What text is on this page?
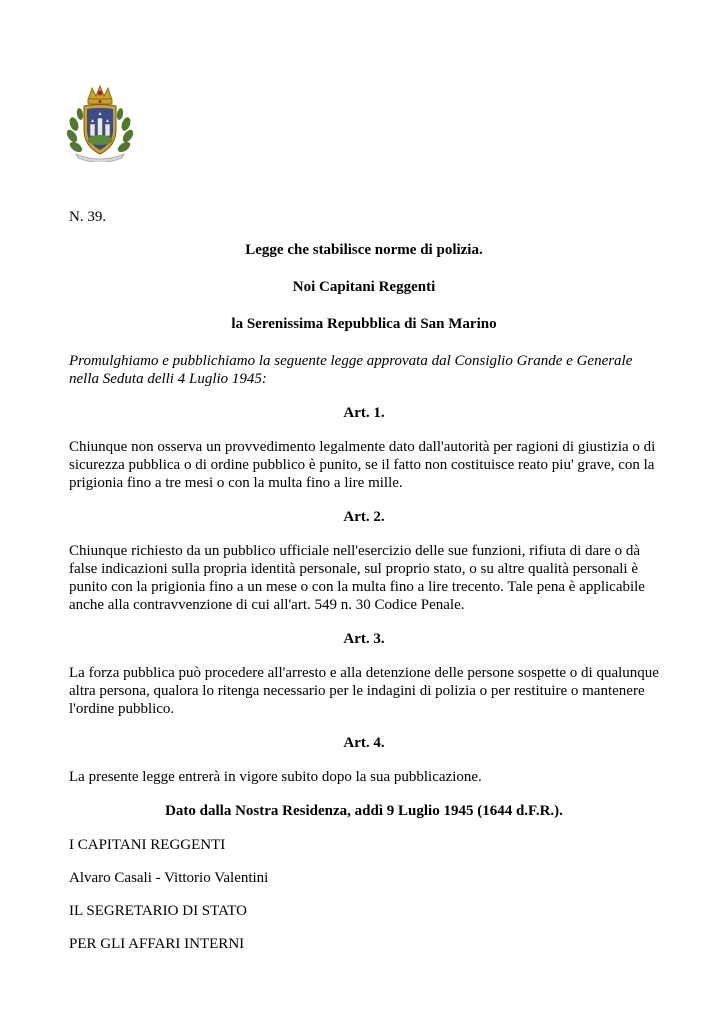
N. 39.

Legge che stabilisce norme di polizia.

Noi Capitani Reggenti

la Serenissima Repubblica di San Marino

Promulghiamo e pubblichiamo la seguente legge approvata dal Consiglio Grande e Generale nella Seduta delli 4 Luglio 1945:

Art. 1.

Chiunque non osserva un provvedimento legalmente dato dall'autorità per ragioni di giustizia o di sicurezza pubblica o di ordine pubblico è punito, se il fatto non costituisce reato piu' grave, con la prigionia fino a tre mesi o con la multa fino a lire mille.

Art. 2.

Chiunque richiesto da un pubblico ufficiale nell'esercizio delle sue funzioni, rifiuta di dare o dà false indicazioni sulla propria identità personale, sul proprio stato, o su altre qualità personali è punito con la prigionia fino a un mese o con la multa fino a lire trecento. Tale pena è applicabile anche alla contravvenzione di cui all'art. 549 n. 30 Codice Penale.

Art. 3.

La forza pubblica può procedere all'arresto e alla detenzione delle persone sospette o di qualunque altra persona, qualora lo ritenga necessario per le indagini di polizia o per restituire o mantenere l'ordine pubblico.

Art. 4.

La presente legge entrerà in vigore subito dopo la sua pubblicazione.

Dato dalla Nostra Residenza, addì 9 Luglio 1945 (1644 d.F.R.).

I CAPITANI REGGENTI

Alvaro Casali - Vittorio Valentini

IL SEGRETARIO DI STATO

PER GLI AFFARI INTERNI
